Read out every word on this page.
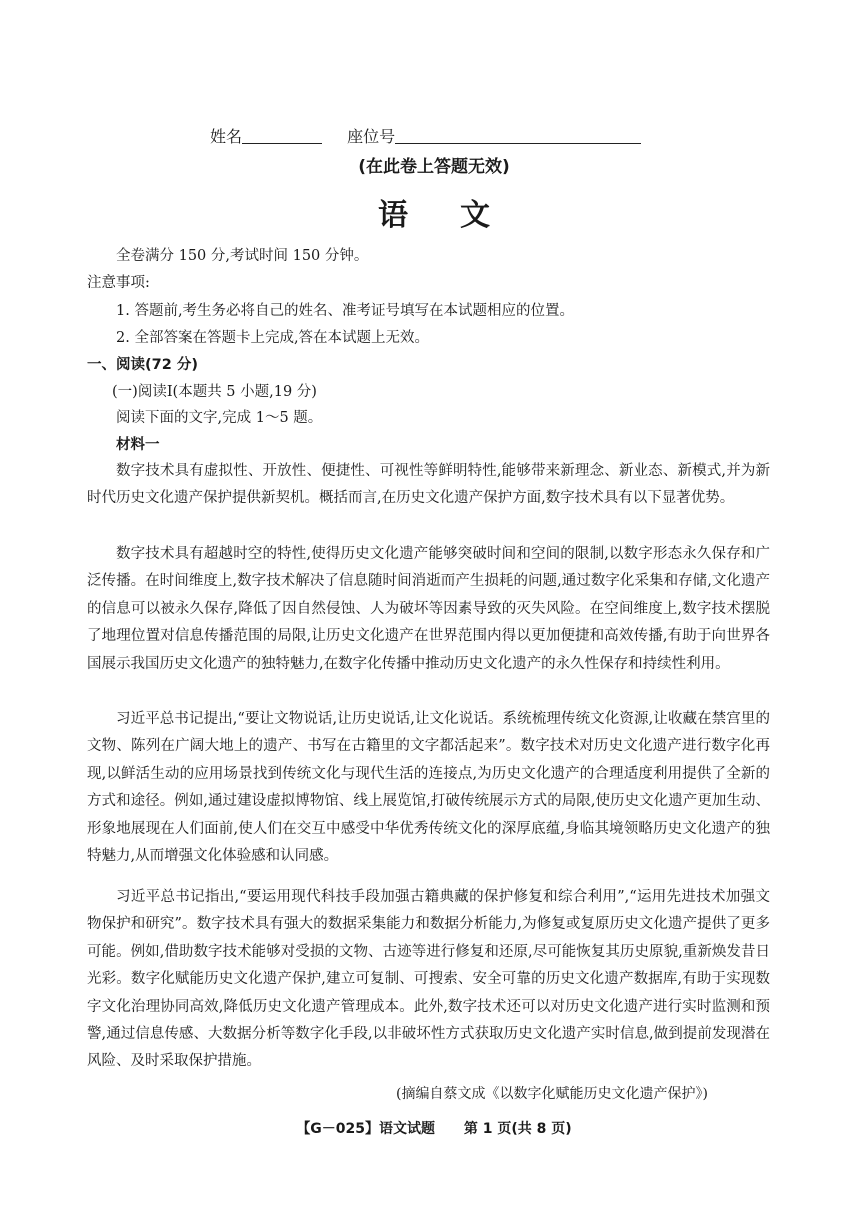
姓名	座位号
(在此卷上答题无效)
语文
全卷满分 150 分,考试时间 150 分钟。
注意事项:
1. 答题前,考生务必将自己的姓名、准考证号填写在本试题相应的位置。
2. 全部答案在答题卡上完成,答在本试题上无效。
一、阅读(72 分)
(一)阅读Ⅰ(本题共 5 小题,19 分)
阅读下面的文字,完成 1～5 题。
材料一
数字技术具有虚拟性、开放性、便捷性、可视性等鲜明特性,能够带来新理念、新业态、新模式,并为新时代历史文化遗产保护提供新契机。概括而言,在历史文化遗产保护方面,数字技术具有以下显著优势。
数字技术具有超越时空的特性,使得历史文化遗产能够突破时间和空间的限制,以数字形态永久保存和广泛传播。在时间维度上,数字技术解决了信息随时间消逝而产生损耗的问题,通过数字化采集和存储,文化遗产的信息可以被永久保存,降低了因自然侵蚀、人为破坏等因素导致的灭失风险。在空间维度上,数字技术摆脱了地理位置对信息传播范围的局限,让历史文化遗产在世界范围内得以更加便捷和高效传播,有助于向世界各国展示我国历史文化遗产的独特魅力,在数字化传播中推动历史文化遗产的永久性保存和持续性利用。
习近平总书记提出,“要让文物说话,让历史说话,让文化说话。系统梳理传统文化资源,让收藏在禁宫里的文物、陈列在广阔大地上的遗产、书写在古籍里的文字都活起来”。数字技术对历史文化遗产进行数字化再现,以鲜活生动的应用场景找到传统文化与现代生活的连接点,为历史文化遗产的合理适度利用提供了全新的方式和途径。例如,通过建设虚拟博物馆、线上展览馆,打破传统展示方式的局限,使历史文化遗产更加生动、形象地展现在人们面前,使人们在交互中感受中华优秀传统文化的深厚底蕴,身临其境领略历史文化遗产的独特魅力,从而增强文化体验感和认同感。
习近平总书记指出,“要运用现代科技手段加强古籍典藏的保护修复和综合利用”,“运用先进技术加强文物保护和研究”。数字技术具有强大的数据采集能力和数据分析能力,为修复或复原历史文化遗产提供了更多可能。例如,借助数字技术能够对受损的文物、古迹等进行修复和还原,尽可能恢复其历史原貌,重新焕发昔日光彩。数字化赋能历史文化遗产保护,建立可复制、可搜索、安全可靠的历史文化遗产数据库,有助于实现数字文化治理协同高效,降低历史文化遗产管理成本。此外,数字技术还可以对历史文化遗产进行实时监测和预警,通过信息传感、大数据分析等数字化手段,以非破坏性方式获取历史文化遗产实时信息,做到提前发现潜在风险、及时采取保护措施。
(摘编自蔡文成《以数字化赋能历史文化遗产保护》)
【G－025】语文试题 第 1 页(共 8 页)
